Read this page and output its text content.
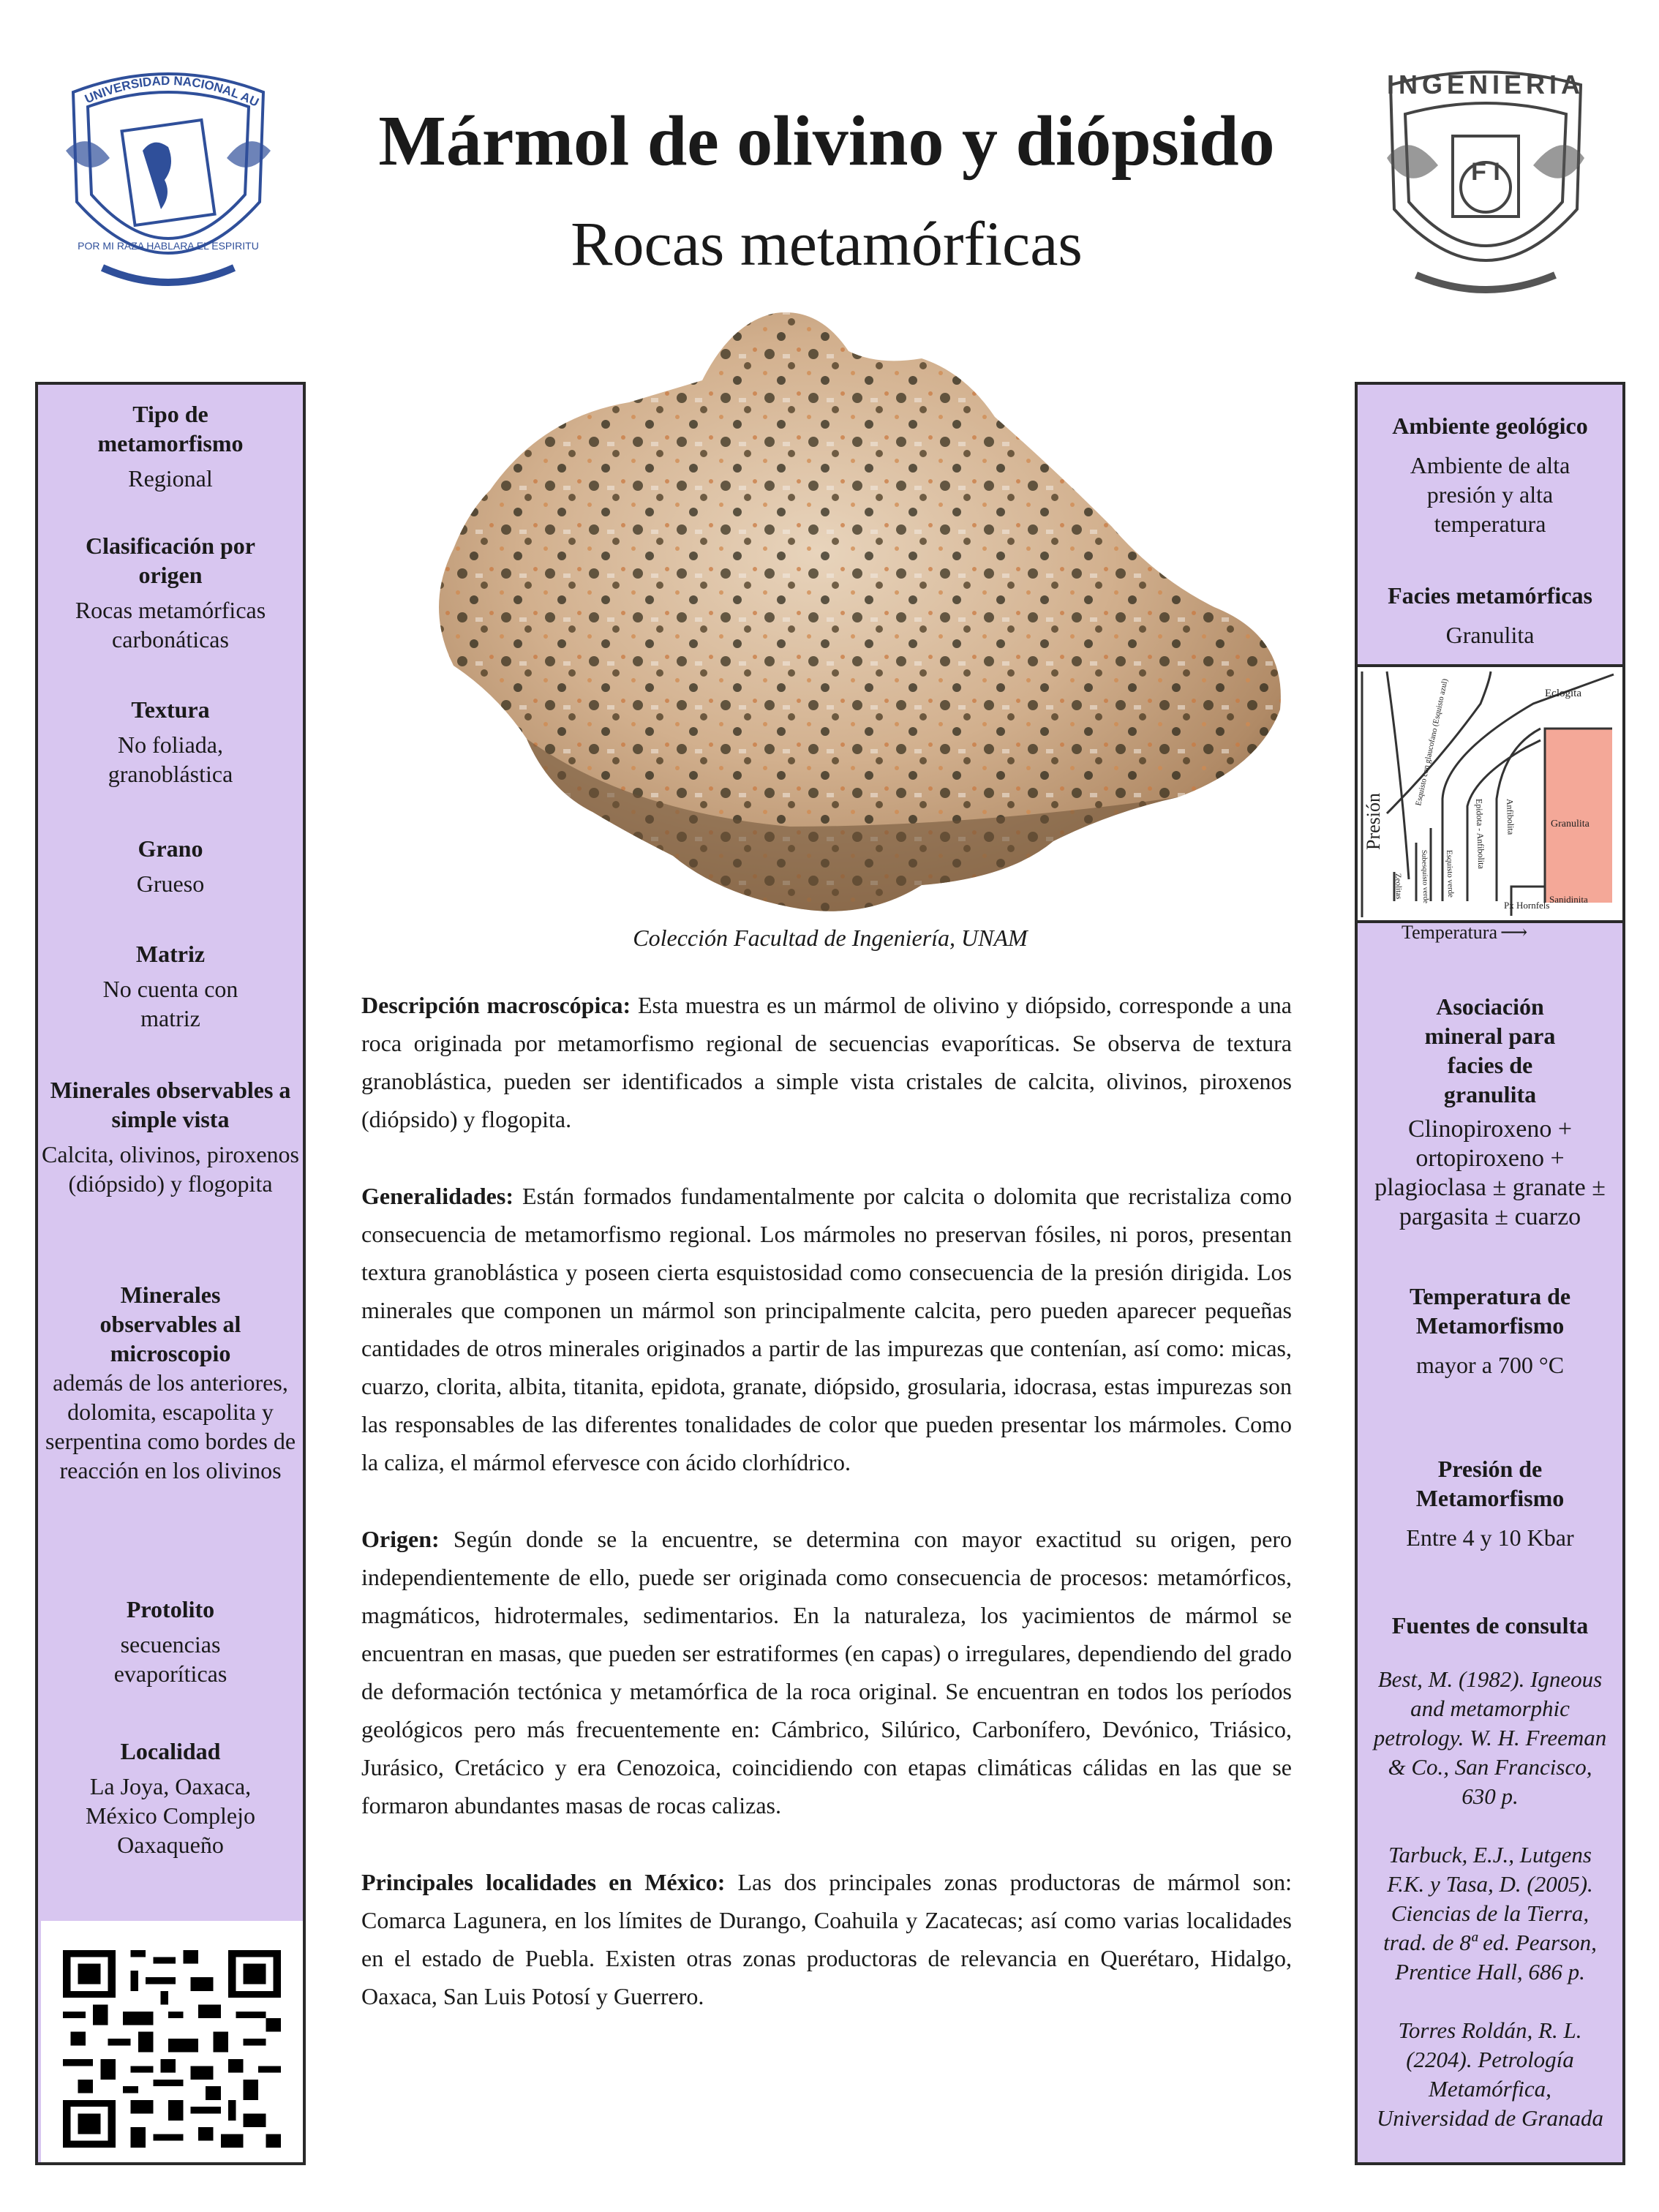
UNIVERSIDAD NACIONAL AU
POR MI RAZA HABLARA EL ESPIRITU
INGENIERIA
F I
Mármol de olivino y diópsido
Rocas metamórficas
Colección Facultad de Ingeniería, UNAM

Descripción macroscópica: Esta muestra es un mármol de olivino y diópsido, corresponde a una roca originada por metamorfismo regional de secuencias evaporíticas. Se observa de textura granoblástica, pueden ser identificados a simple vista cristales de calcita, olivinos, piroxenos (diópsido) y flogopita.

Generalidades: Están formados fundamentalmente por calcita o dolomita que recristaliza como consecuencia de metamorfismo regional. Los mármoles no preservan fósiles, ni poros, presentan textura granoblástica y poseen cierta esquistosidad como consecuencia de la presión dirigida. Los minerales que componen un mármol son principalmente calcita, pero pueden aparecer pequeñas cantidades de otros minerales originados a partir de las impurezas que contenían, así como: micas, cuarzo, clorita, albita, titanita, epidota, granate, diópsido, grosularia, idocrasa, estas impurezas son las responsables de las diferentes tonalidades de color que pueden presentar los mármoles. Como la caliza, el mármol efervesce con ácido clorhídrico.

Origen: Según donde se la encuentre, se determina con mayor exactitud su origen, pero independientemente de ello, puede ser originada como consecuencia de procesos: metamórficos, magmáticos, hidrotermales, sedimentarios. En la naturaleza, los yacimientos de mármol se encuentran en masas, que pueden ser estratiformes (en capas) o irregulares, dependiendo del grado de deformación tectónica y metamórfica de la roca original. Se encuentran en todos los períodos geológicos pero más frecuentemente en: Cámbrico, Silúrico, Carbonífero, Devónico, Triásico, Jurásico, Cretácico y era Cenozoica, coincidiendo con etapas climáticas cálidas en las que se formaron abundantes masas de rocas calizas.

Principales localidades en México: Las dos principales zonas productoras de mármol son: Comarca Lagunera, en los límites de Durango, Coahuila y Zacatecas; así como varias localidades en el estado de Puebla. Existen otras zonas productoras de relevancia en Querétaro, Hidalgo, Oaxaca, San Luis Potosí y Guerrero.

Tipo de metamorfismo

Regional

Clasificación por origen

Rocas metamórficas carbonáticas

Textura

No foliada, granoblástica

Grano

Grueso

Matriz

No cuenta con matriz

Minerales observables a simple vista

Calcita, olivinos, piroxenos (diópsido) y flogopita

Minerales observables al microscopio

además de los anteriores, dolomita, escapolita y serpentina como bordes de reacción en los olivinos

Protolito

secuencias evaporíticas

Localidad

La Joya, Oaxaca, México Complejo Oaxaqueño

Ambiente geológico

Ambiente de alta presión y alta temperatura

Facies metamórficas

Granulita

Eclogita
Esquisto con glaucofano (Esquisto azul)
Granulita
Epidota - Anfibolita Anfibolita
Esquisto verde
Subesquisto verde
Zeolitas
Px Hornfels
Sanidinita
Presión
Temperatura ⟶
Asociación mineral para facies de granulita

Clinopiroxeno + ortopiroxeno + plagioclasa ± granate ± pargasita ± cuarzo

Temperatura de Metamorfismo

mayor a 700 °C

Presión de Metamorfismo

Entre 4 y 10 Kbar

Fuentes de consulta

Best, M. (1982). Igneous and metamorphic petrology. W. H. Freeman & Co., San Francisco, 630 p.

Tarbuck, E.J., Lutgens F.K. y Tasa, D. (2005). Ciencias de la Tierra, trad. de 8ª ed. Pearson, Prentice Hall, 686 p.

Torres Roldán, R. L. (2204). Petrología Metamórfica, Universidad de Granada
